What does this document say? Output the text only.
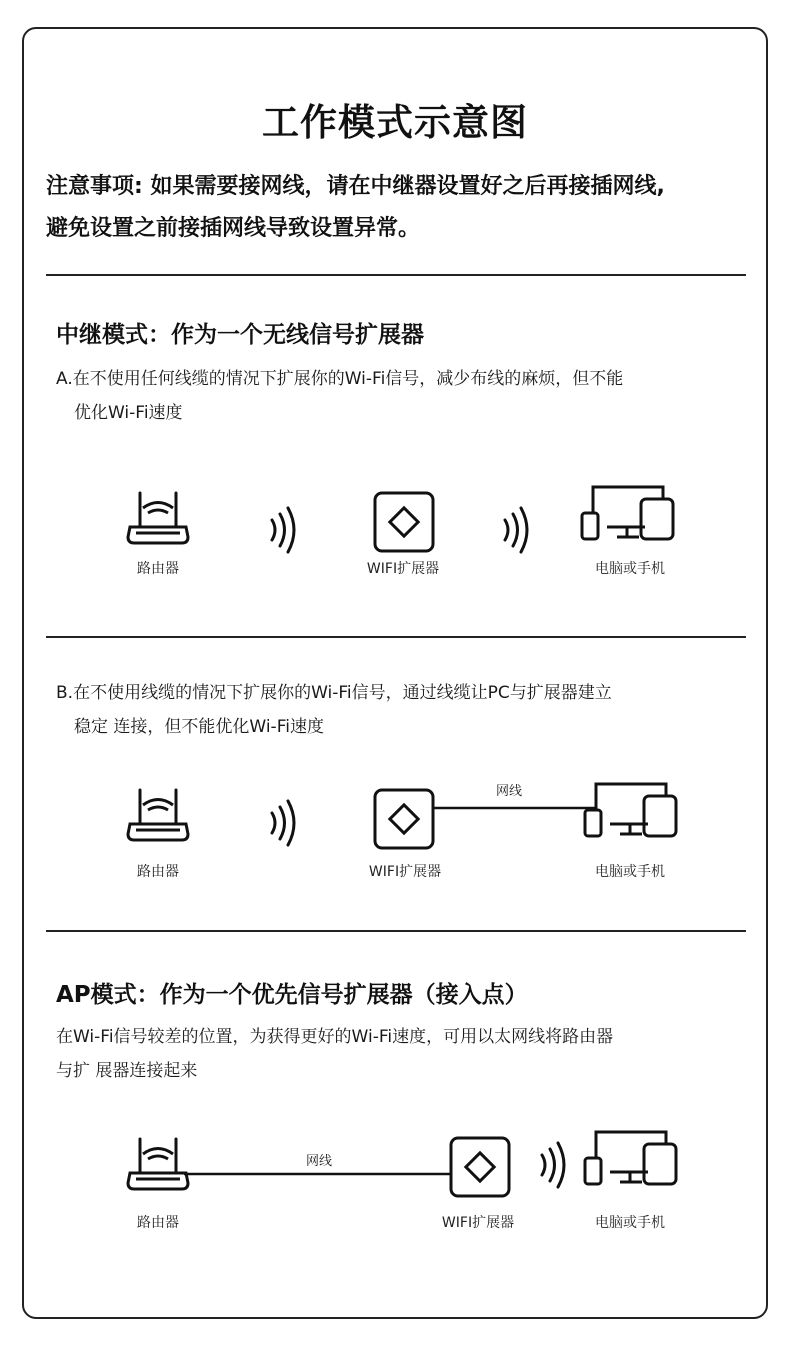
工作模式示意图
注意事项: 如果需要接网线，请在中继器设置好之后再接插网线,
避免设置之前接插网线导致设置异常。
中继模式：作为一个无线信号扩展器
A.在不使用任何线缆的情况下扩展你的Wi-Fi信号，减少布线的麻烦，但不能
优化Wi-Fi速度
路由器	WIFI扩展器	电脑或手机
B.在不使用线缆的情况下扩展你的Wi-Fi信号，通过线缆让PC与扩展器建立
稳定 连接，但不能优化Wi-Fi速度
网线
路由器	WIFI扩展器	电脑或手机
AP模式：作为一个优先信号扩展器（接入点）
在Wi-Fi信号较差的位置，为获得更好的Wi-Fi速度，可用以太网线将路由器
与扩 展器连接起来
网线
路由器	WIFI扩展器	电脑或手机
